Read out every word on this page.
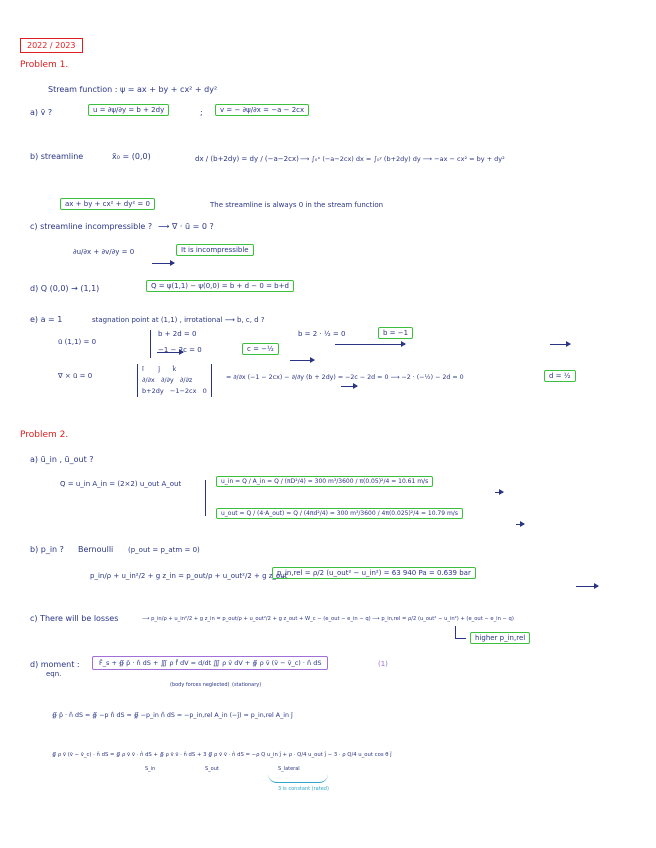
2022 / 2023
Problem 1.
Stream function : ψ = ax + by + cx² + dy²
a) v̄ ?	u = ∂ψ/∂y = b + 2dy	;	v = − ∂ψ/∂x = −a − 2cx
b) streamline	x̄₀ = (0,0)	dx / (b+2dy) = dy / (−a−2cx) ⟶ ∫₀ˣ (−a−2cx) dx = ∫₀ʸ (b+2dy) dy ⟶ −ax − cx² = by + dy²
ax + by + cx² + dy² = 0	The streamline is always 0 in the stream function
c) streamline incompressible ? ⟶ ∇ · ū = 0 ?
∂u/∂x + ∂v/∂y = 0
	It is incompressible
d) Q (0,0) → (1,1)	Q = ψ(1,1) − ψ(0,0) = b + d − 0 = b+d
e) a = 1	stagnation point at (1,1) , irrotational ⟶ b, c, d ?
ū (1,1) = 0

b + 2d = 0
−1 − 2c = 0
	c = −½

b = 2 · ½ = 0
	b = −1
∇ × ū = 0

î       ĵ      k̂
∂/∂x   ∂/∂y   ∂/∂z
b+2dy   −1−2cx   0
= ∂/∂x (−1 − 2cx) − ∂/∂y (b + 2dy) = −2c − 2d = 0 ⟶ −2 · (−½) − 2d = 0
	d = ½
Problem 2.
a) ū_in , ū_out ?
Q = u_in A_in = (2×2) u_out A_out
	u_in = Q / A_in = Q / (πD²/4) = 300 m³/3600 / π(0.05)²/4 = 10.61 m/s
u_out = Q / (4·A_out) = Q / (4πd²/4) = 300 m³/3600 / 4π(0.025)²/4 = 10.79 m/s
b) p_in ? Bernoulli (p_out = p_atm = 0)
p_in/ρ + u_in²/2 + g z_in = p_out/ρ + u_out²/2 + g z_out
p_in,rel = ρ/2 (u_out² − u_in²) = 63 940 Pa = 0.639 bar
c) There will be losses	⟶ p_in/ρ + u_in²/2 + g z_in = p_out/ρ + u_out²/2 + g z_out + W_c − (e_out − e_in − q) ⟶ p_in,rel = ρ/2 (u_out² − u_in²) + (e_out − e_in − q)
higher p_in,rel
d) moment :
eqn.
F̄_s + ∯ p̄ · n̂ dS + ∭ ρ f̄ dV = d/dt ∭ ρ v̄ dV + ∯ ρ v̄ (v̄ − v̄_c) · n̂ dS	(1)
(body forces neglected) (stationary)
∯ p̄ · n̂ dS = ∯ −p n̂ dS = ∯ −p_in n̂ dS = −p_in,rel A_in (−ĵ) = p_in,rel A_in ĵ
∯ ρ v̄ (v̄ − v̄_c) · n̂ dS = ∯ ρ v̄ v̄ · n̂ dS + ∯ ρ v̄ v̄ · n̂ dS + 3 ∯ ρ v̄ v̄ · n̂ dS = −ρ Q u_in ĵ + ρ · Q/4 u_out ĵ − 3 · ρ Q/4 u_out cos θ ĵ
S_in	S_out	S_lateral
3 is constant (rated)
